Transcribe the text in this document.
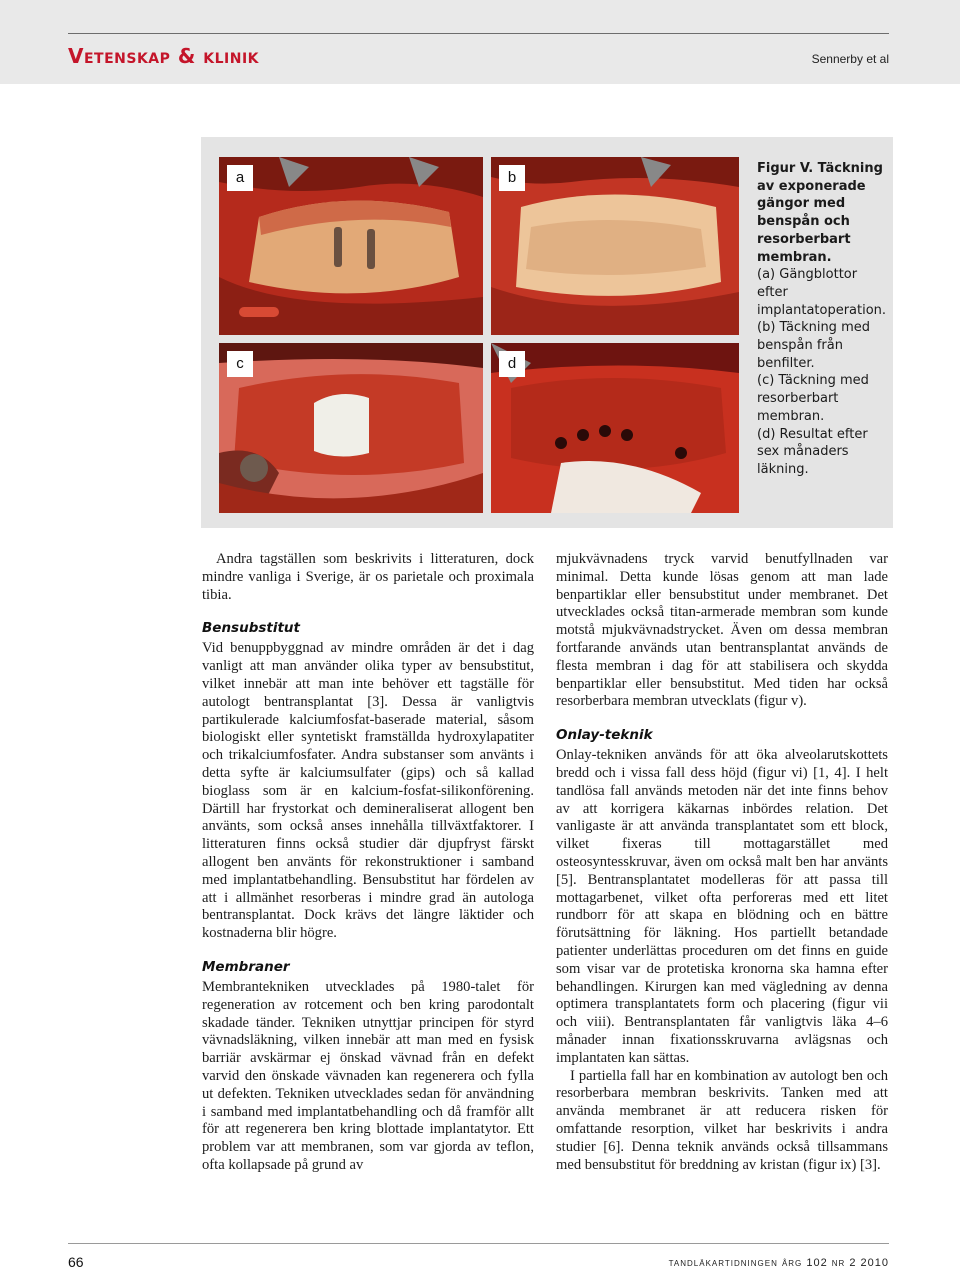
Vetenskap & klinik	Sennerby et al
a	b
c	d
Figur V. Täckning av exponerade gängor med benspån och resorberbart membran.
(a) Gängblottor efter implantatoperation.
(b) Täckning med benspån från benfilter.
(c) Täckning med resorberbart membran.
(d) Resultat efter sex månaders läkning.

Andra tagställen som beskrivits i litteraturen, dock mindre vanliga i Sverige, är os parietale och proximala tibia.

Bensubstitut

Vid benuppbyggnad av mindre områden är det i dag vanligt att man använder olika typer av bensubstitut, vilket innebär att man inte behöver ett tagställe för autologt bentransplantat [3]. Dessa är vanligtvis partikulerade kalciumfosfat-baserade material, såsom biologiskt eller syntetiskt framställda hydroxylapatiter och trikalciumfosfater. Andra substanser som använts i detta syfte är kalciumsulfater (gips) och så kallad bioglass som är en kalcium-fosfat-silikonförening. Därtill har frystorkat och demineraliserat allogent ben använts, som också anses innehålla tillväxtfaktorer. I litteraturen finns också studier där djupfryst färskt allogent ben använts för rekonstruktioner i samband med implantatbehandling. Bensubstitut har fördelen av att i allmänhet resorberas i mindre grad än autologa bentransplantat. Dock krävs det längre läktider och kostnaderna blir högre.

Membraner

Membrantekniken utvecklades på 1980-talet för regeneration av rotcement och ben kring parodontalt skadade tänder. Tekniken utnyttjar principen för styrd vävnadsläkning, vilken innebär att man med en fysisk barriär avskärmar ej önskad vävnad från en defekt varvid den önskade vävnaden kan regenerera och fylla ut defekten. Tekniken utvecklades sedan för användning i samband med implantatbehandling och då framför allt för att regenerera ben kring blottade implantatytor. Ett problem var att membranen, som var gjorda av teflon, ofta kollapsade på grund av

mjukvävnadens tryck varvid benutfyllnaden var minimal. Detta kunde lösas genom att man lade benpartiklar eller bensubstitut under membranet. Det utvecklades också titan-armerade membran som kunde motstå mjukvävnadstrycket. Även om dessa membran fortfarande används utan bentransplantat används de flesta membran i dag för att stabilisera och skydda benpartiklar eller bensubstitut. Med tiden har också resorberbara membran utvecklats (figur v).

Onlay-teknik

Onlay-tekniken används för att öka alveolarutskottets bredd och i vissa fall dess höjd (figur vi) [1, 4]. I helt tandlösa fall används metoden när det inte finns behov av att korrigera käkarnas inbördes relation. Det vanligaste är att använda transplantatet som ett block, vilket fixeras till mottagarstället med osteosyntesskruvar, även om också malt ben har använts [5]. Bentransplantatet modelleras för att passa till mottagarbenet, vilket ofta perforeras med ett litet rundborr för att skapa en blödning och en bättre förutsättning för läkning. Hos partiellt betandade patienter underlättas proceduren om det finns en guide som visar var de protetiska kronorna ska hamna efter behandlingen. Kirurgen kan med vägledning av denna optimera transplantatets form och placering (figur vii och viii). Bentransplantaten får vanligtvis läka 4–6 månader innan fixationsskruvarna avlägsnas och implantaten kan sättas.

I partiella fall har en kombination av autologt ben och resorberbara membran beskrivits. Tanken med att använda membranet är att reducera risken för omfattande resorption, vilket har beskrivits i andra studier [6]. Denna teknik används också tillsammans med bensubstitut för breddning av kristan (figur ix) [3].

66	tandläkartidningen årg 102 nr 2 2010
